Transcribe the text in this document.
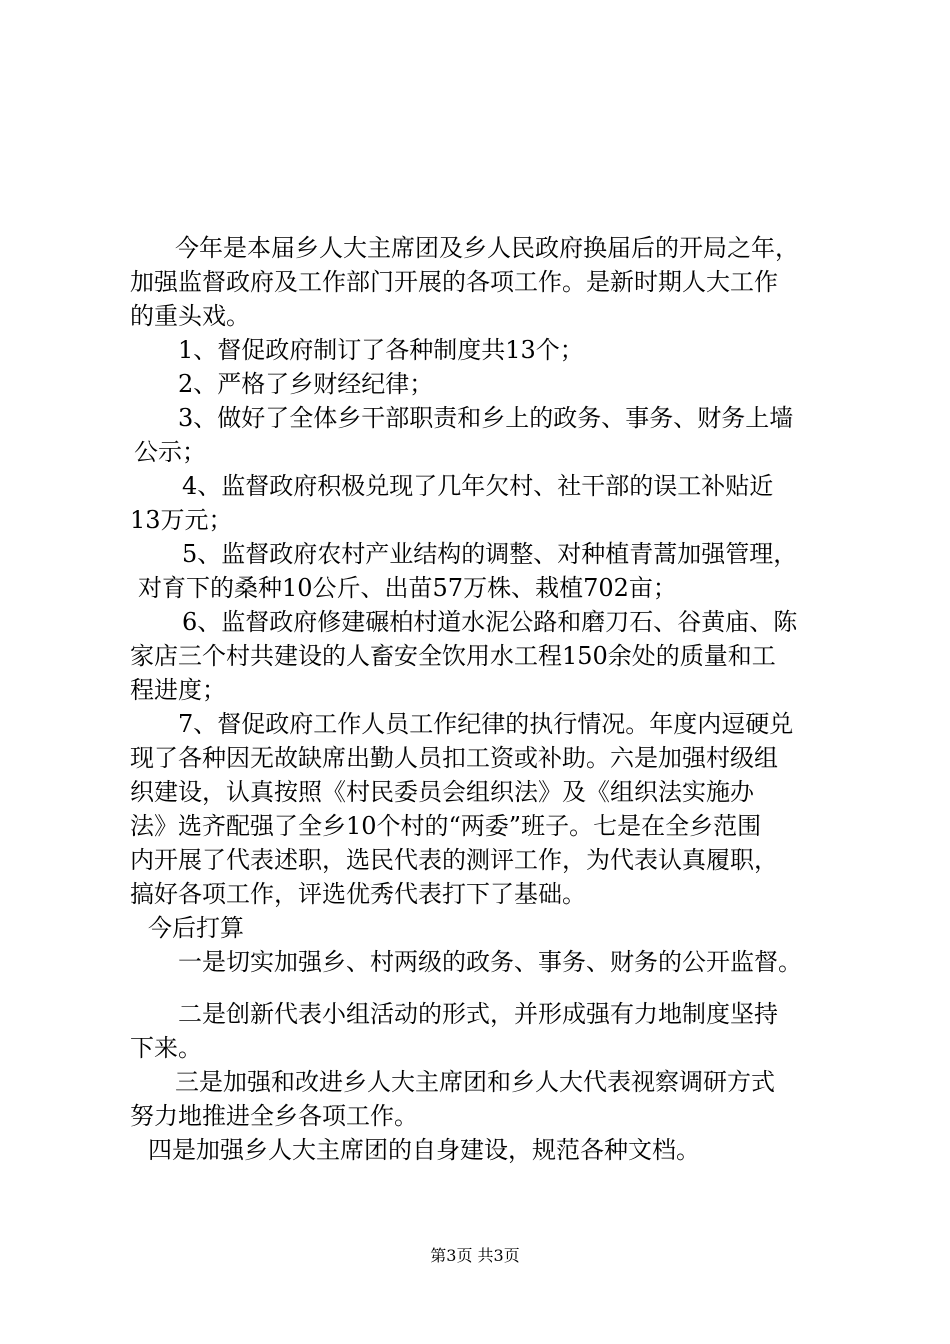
今年是本届乡人大主席团及乡人民政府换届后的开局之年，

加强监督政府及工作部门开展的各项工作。是新时期人大工作

的重头戏。

1、督促政府制订了各种制度共13个；

2、严格了乡财经纪律；

3、做好了全体乡干部职责和乡上的政务、事务、财务上墙

公示；

4、监督政府积极兑现了几年欠村、社干部的误工补贴近

13万元；

5、监督政府农村产业结构的调整、对种植青蒿加强管理，

对育下的桑种10公斤、出苗57万株、栽植702亩；

6、监督政府修建碾柏村道水泥公路和磨刀石、谷黄庙、陈

家店三个村共建设的人畜安全饮用水工程150余处的质量和工

程进度；

7、督促政府工作人员工作纪律的执行情况。年度内逗硬兑

现了各种因无故缺席出勤人员扣工资或补助。六是加强村级组

织建设，认真按照《村民委员会组织法》及《组织法实施办

法》选齐配强了全乡10个村的“两委”班子。七是在全乡范围

内开展了代表述职，选民代表的测评工作，为代表认真履职，

搞好各项工作，评选优秀代表打下了基础。

今后打算

一是切实加强乡、村两级的政务、事务、财务的公开监督。

二是创新代表小组活动的形式，并形成强有力地制度坚持

下来。

三是加强和改进乡人大主席团和乡人大代表视察调研方式

努力地推进全乡各项工作。

四是加强乡人大主席团的自身建设，规范各种文档。

第3页 共3页
